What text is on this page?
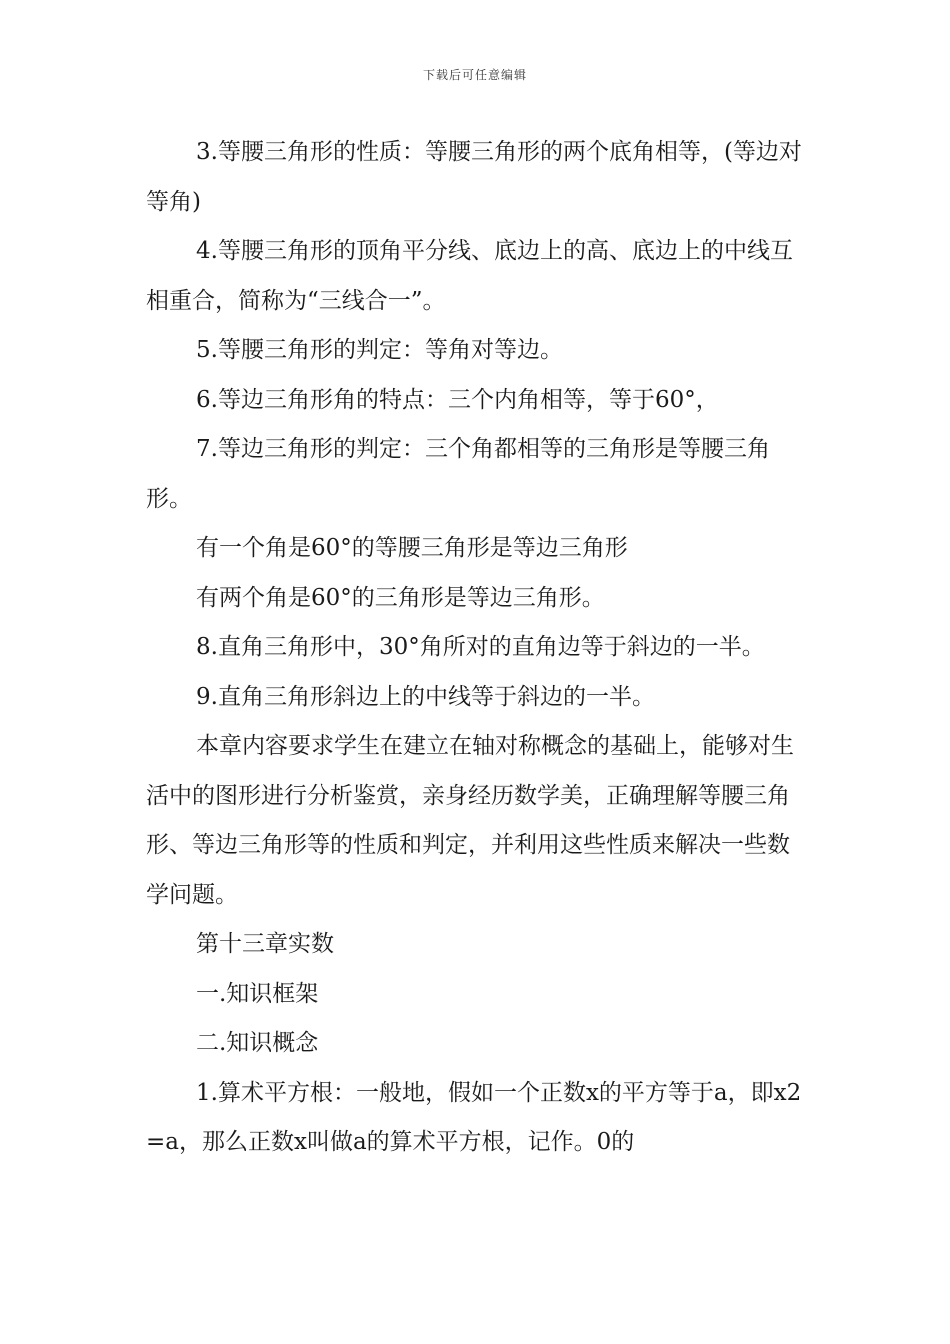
下载后可任意编辑

3.等腰三角形的性质：等腰三角形的两个底角相等，(等边对等角)

4.等腰三角形的顶角平分线、底边上的高、底边上的中线互相重合，简称为“三线合一”。

5.等腰三角形的判定：等角对等边。

6.等边三角形角的特点：三个内角相等，等于60°，

7.等边三角形的判定：三个角都相等的三角形是等腰三角形。

有一个角是60°的等腰三角形是等边三角形

有两个角是60°的三角形是等边三角形。

8.直角三角形中，30°角所对的直角边等于斜边的一半。

9.直角三角形斜边上的中线等于斜边的一半。

本章内容要求学生在建立在轴对称概念的基础上，能够对生活中的图形进行分析鉴赏，亲身经历数学美，正确理解等腰三角形、等边三角形等的性质和判定，并利用这些性质来解决一些数学问题。

第十三章实数

一.知识框架

二.知识概念

1.算术平方根：一般地，假如一个正数x的平方等于a，即x2=a，那么正数x叫做a的算术平方根，记作。0的
